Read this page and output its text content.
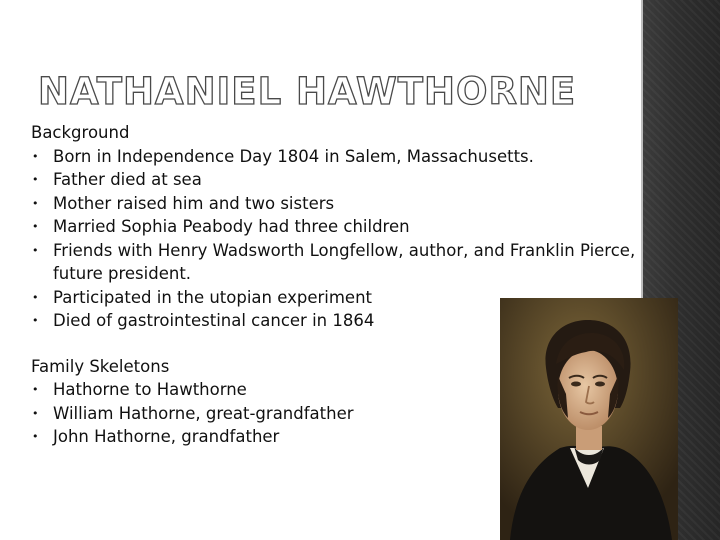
NATHANIEL HAWTHORNE

Background

• Born in Independence Day 1804 in Salem, Massachusetts.
• Father died at sea
• Mother raised him and two sisters
• Married Sophia Peabody had three children
• Friends with Henry Wadsworth Longfellow, author, and Franklin Pierce, future president.
• Participated in the utopian experiment
• Died of gastrointestinal cancer in 1864

Family Skeletons

• Hathorne to Hawthorne
• William Hathorne, great-grandfather
• John Hathorne, grandfather
